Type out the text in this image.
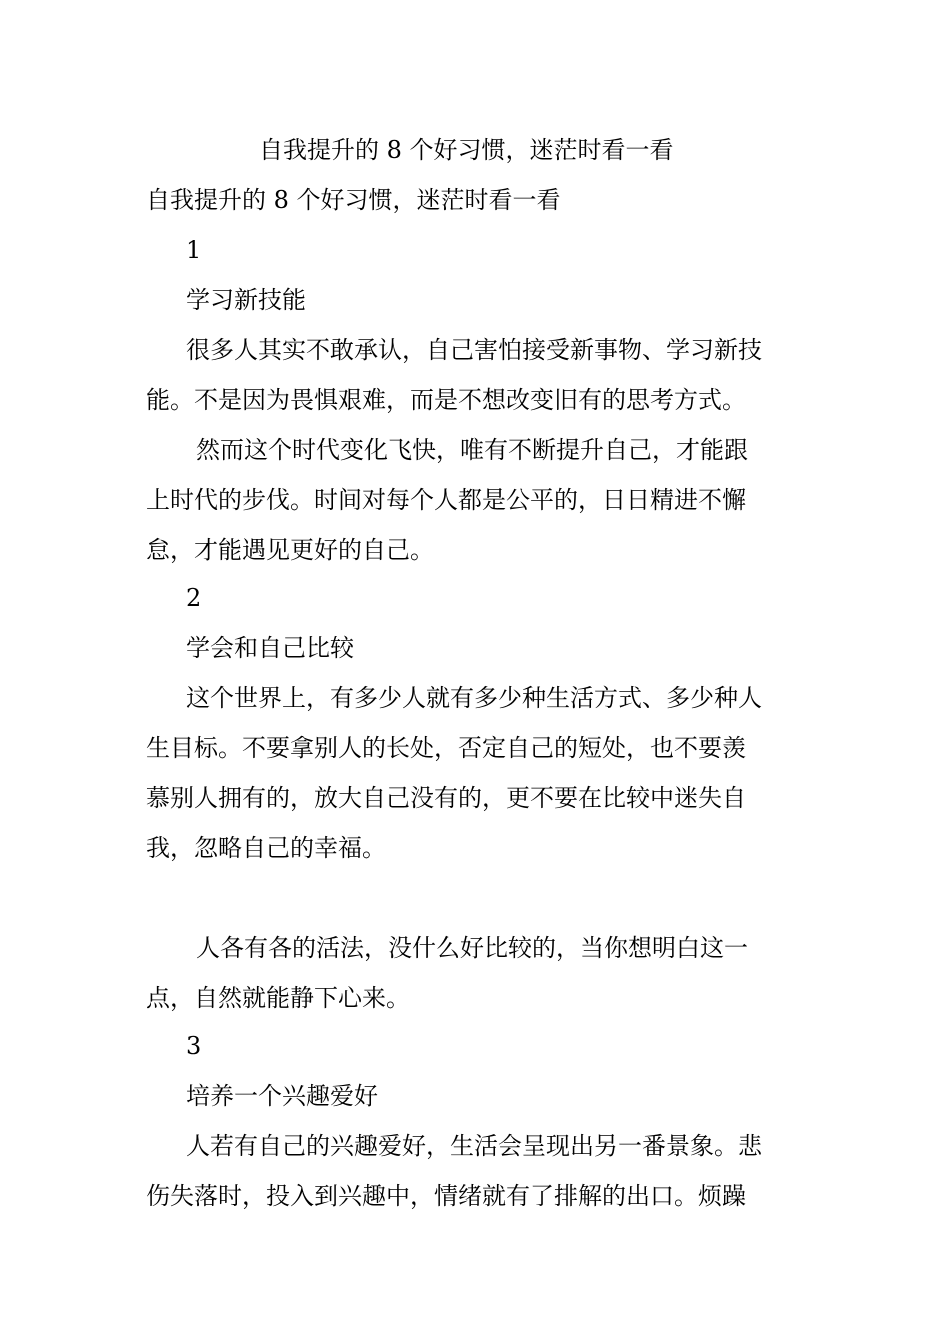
自我提升的 8 个好习惯，迷茫时看一看
自我提升的 8 个好习惯，迷茫时看一看
1
学习新技能
很多人其实不敢承认，自己害怕接受新事物、学习新技
能。不是因为畏惧艰难，而是不想改变旧有的思考方式。
然而这个时代变化飞快，唯有不断提升自己，才能跟
上时代的步伐。时间对每个人都是公平的，日日精进不懈
怠，才能遇见更好的自己。
2
学会和自己比较
这个世界上，有多少人就有多少种生活方式、多少种人
生目标。不要拿别人的长处，否定自己的短处，也不要羡
慕别人拥有的，放大自己没有的，更不要在比较中迷失自
我，忽略自己的幸福。
人各有各的活法，没什么好比较的，当你想明白这一
点，自然就能静下心来。
3
培养一个兴趣爱好
人若有自己的兴趣爱好，生活会呈现出另一番景象。悲
伤失落时，投入到兴趣中，情绪就有了排解的出口。烦躁
